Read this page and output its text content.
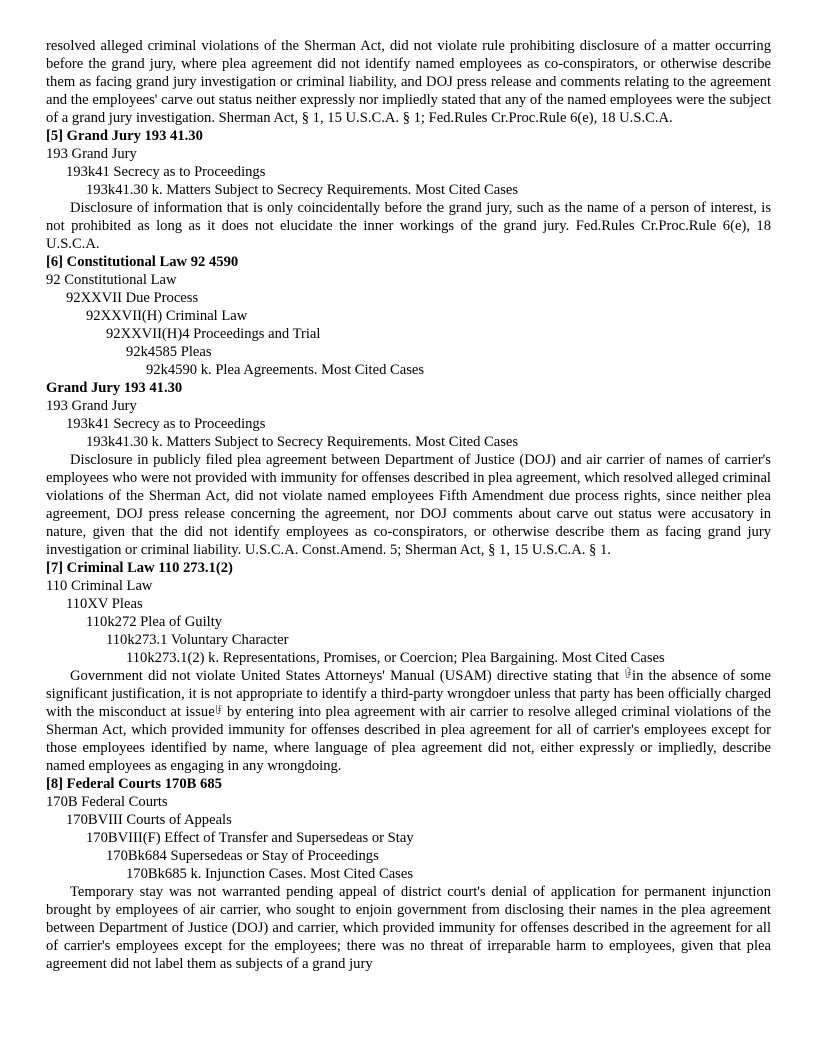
resolved alleged criminal violations of the Sherman Act, did not violate rule prohibiting disclosure of a matter occurring before the grand jury, where plea agreement did not identify named employees as co-conspirators, or otherwise describe them as facing grand jury investigation or criminal liability, and DOJ press release and comments relating to the agreement and the employees' carve out status neither expressly nor impliedly stated that any of the named employees were the subject of a grand jury investigation. Sherman Act, § 1, 15 U.S.C.A. § 1; Fed.Rules Cr.Proc.Rule 6(e), 18 U.S.C.A.

[5] Grand Jury 193 41.30

193 Grand Jury

193k41 Secrecy as to Proceedings

193k41.30 k. Matters Subject to Secrecy Requirements. Most Cited Cases

Disclosure of information that is only coincidentally before the grand jury, such as the name of a person of interest, is not prohibited as long as it does not elucidate the inner workings of the grand jury. Fed.Rules Cr.Proc.Rule 6(e), 18 U.S.C.A.

[6] Constitutional Law 92 4590

92 Constitutional Law

92XXVII Due Process

92XXVII(H) Criminal Law

92XXVII(H)4 Proceedings and Trial

92k4585 Pleas

92k4590 k. Plea Agreements. Most Cited Cases

Grand Jury 193 41.30

193 Grand Jury

193k41 Secrecy as to Proceedings

193k41.30 k. Matters Subject to Secrecy Requirements. Most Cited Cases

Disclosure in publicly filed plea agreement between Department of Justice (DOJ) and air carrier of names of carrier's employees who were not provided with immunity for offenses described in plea agreement, which resolved alleged criminal violations of the Sherman Act, did not violate named employees Fifth Amendment due process rights, since neither plea agreement, DOJ press release concerning the agreement, nor DOJ comments about carve out status were accusatory in nature, given that the did not identify employees as co-conspirators, or otherwise describe them as facing grand jury investigation or criminal liability. U.S.C.A. Const.Amend. 5; Sherman Act, § 1, 15 U.S.C.A. § 1.

[7] Criminal Law 110 273.1(2)

110 Criminal Law

110XV Pleas

110k272 Plea of Guilty

110k273.1 Voluntary Character

110k273.1(2) k. Representations, Promises, or Coercion; Plea Bargaining. Most Cited Cases

Government did not violate United States Attorneys' Manual (USAM) directive stating that ꀰin the absence of some significant justification, it is not appropriate to identify a third-party wrongdoer unless that party has been officially charged with the misconduct at issueꀱ by entering into plea agreement with air carrier to resolve alleged criminal violations of the Sherman Act, which provided immunity for offenses described in plea agreement for all of carrier's employees except for those employees identified by name, where language of plea agreement did not, either expressly or impliedly, describe named employees as engaging in any wrongdoing.

[8] Federal Courts 170B 685

170B Federal Courts

170BVIII Courts of Appeals

170BVIII(F) Effect of Transfer and Supersedeas or Stay

170Bk684 Supersedeas or Stay of Proceedings

170Bk685 k. Injunction Cases. Most Cited Cases

Temporary stay was not warranted pending appeal of district court's denial of application for permanent injunction brought by employees of air carrier, who sought to enjoin government from disclosing their names in the plea agreement between Department of Justice (DOJ) and carrier, which provided immunity for offenses described in the agreement for all of carrier's employees except for the employees; there was no threat of irreparable harm to employees, given that plea agreement did not label them as subjects of a grand jury
